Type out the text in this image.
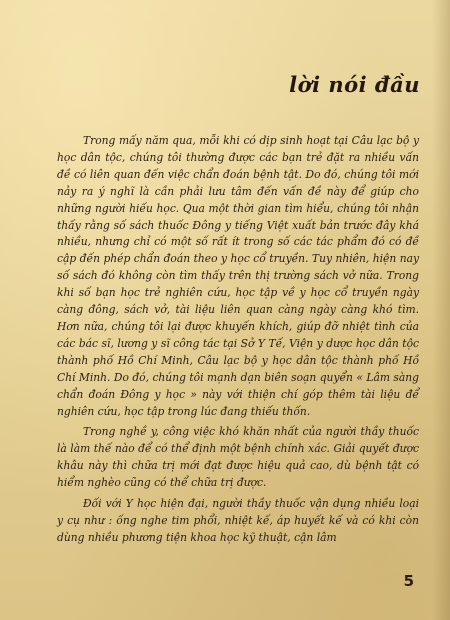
lời nói đầu

Trong mấy năm qua, mỗi khi có dịp sinh hoạt tại Câu lạc bộ y học dân tộc, chúng tôi thường được các bạn trẻ đặt ra nhiều vấn đề có liên quan đến việc chẩn đoán bệnh tật. Do đó, chúng tôi mới nảy ra ý nghĩ là cần phải lưu tâm đến vấn đề này để giúp cho những người hiếu học. Qua một thời gian tìm hiểu, chúng tôi nhận thấy rằng số sách thuốc Đông y tiếng Việt xuất bản trước đây khá nhiều, nhưng chỉ có một số rất ít trong số các tác phẩm đó có đề cập đến phép chẩn đoán theo y học cổ truyền. Tuy nhiên, hiện nay số sách đó không còn tìm thấy trên thị trường sách vở nữa. Trong khi số bạn học trẻ nghiên cứu, học tập về y học cổ truyền ngày càng đông, sách vở, tài liệu liên quan càng ngày càng khó tìm. Hơn nữa, chúng tôi lại được khuyến khích, giúp đỡ nhiệt tình của các bác sĩ, lương y sĩ công tác tại Sở Y Tế, Viện y dược học dân tộc thành phố Hồ Chí Minh, Câu lạc bộ y học dân tộc thành phố Hồ Chí Minh. Do đó, chúng tôi mạnh dạn biên soạn quyển « Lâm sàng chẩn đoán Đông y học » này với thiện chí góp thêm tài liệu để nghiên cứu, học tập trong lúc đang thiếu thốn.

Trong nghề y, công việc khó khăn nhất của người thầy thuốc là làm thế nào để có thể định một bệnh chính xác. Giải quyết được khâu này thì chữa trị mới đạt được hiệu quả cao, dù bệnh tật có hiểm nghèo cũng có thể chữa trị được.

Đối với Y học hiện đại, người thầy thuốc vận dụng nhiều loại y cụ như : ống nghe tim phổi, nhiệt kế, áp huyết kế và có khi còn dùng nhiều phương tiện khoa học kỹ thuật, cận lâm

5
